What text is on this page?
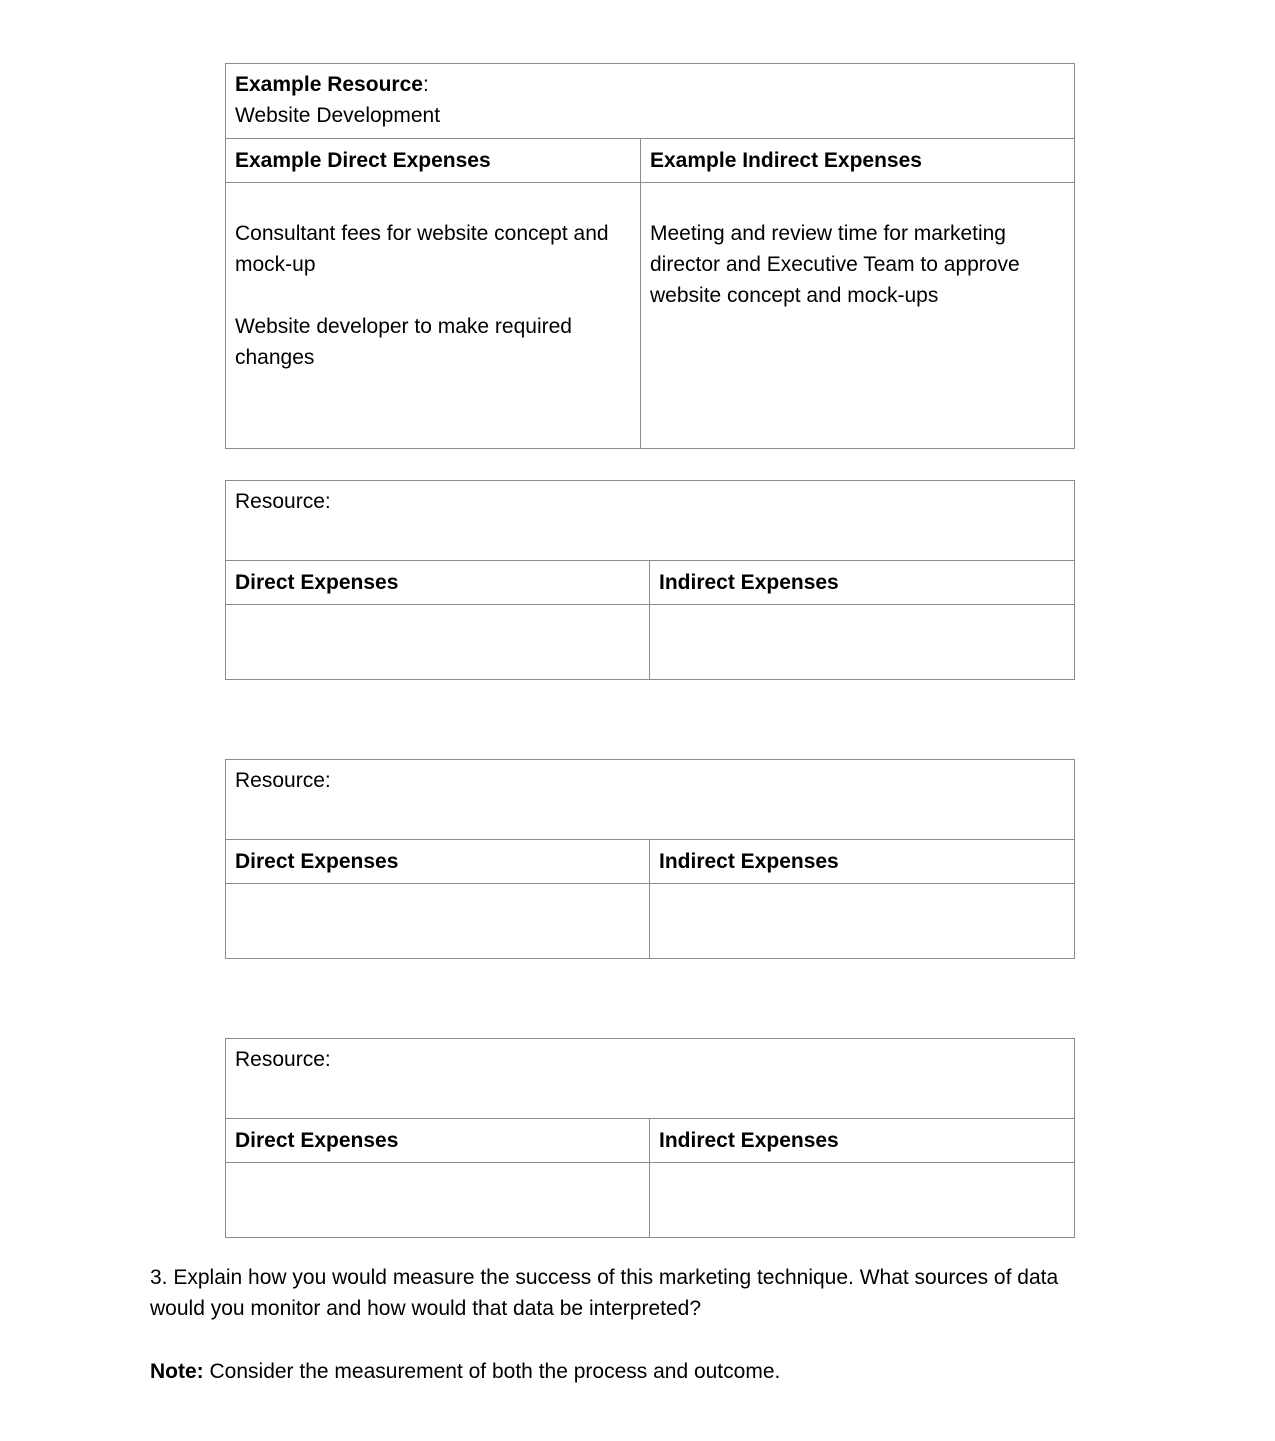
Example Resource:
Website Development	

Example Direct Expenses	Example Indirect Expenses

Consultant fees for website concept and mock-up

Website developer to make required changes	Meeting and review time for marketing director and Executive Team to approve website concept and mock-ups

Resource:	

Direct Expenses	Indirect Expenses

Resource:	

Direct Expenses	Indirect Expenses

Resource:	

Direct Expenses	Indirect Expenses

3. Explain how you would measure the success of this marketing technique. What sources of data would you monitor and how would that data be interpreted?

Note: Consider the measurement of both the process and outcome.
